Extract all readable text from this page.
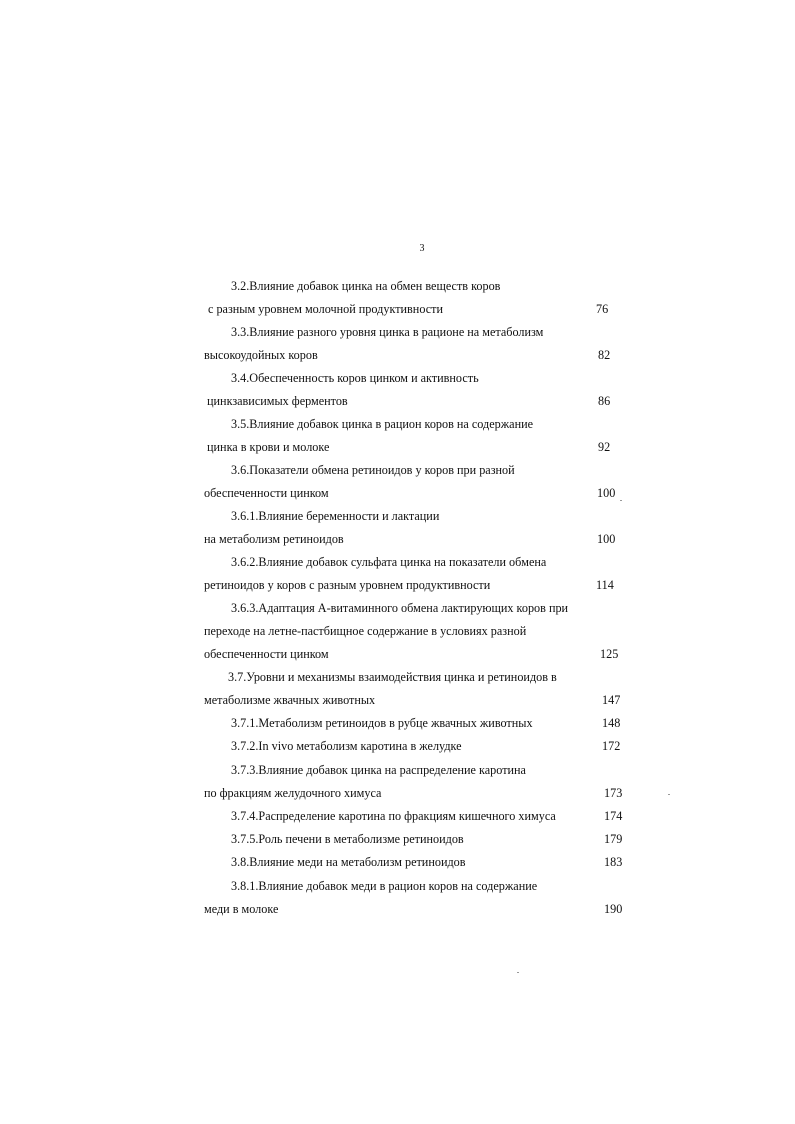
3
3.2.Влияние добавок цинка на обмен веществ коров
с разным уровнем молочной продуктивности	76
3.3.Влияние разного уровня цинка в рационе на метаболизм
высокоудойных коров	82
3.4.Обеспеченность коров цинком и активность
цинкзависимых ферментов	86
3.5.Влияние добавок цинка в рацион коров на содержание
цинка в крови и молоке	92
3.6.Показатели обмена ретиноидов у коров при разной
обеспеченности цинком	100
3.6.1.Влияние беременности и лактации
на метаболизм ретиноидов	100
3.6.2.Влияние добавок сульфата цинка на показатели обмена
ретиноидов у коров с разным уровнем продуктивности	114
3.6.3.Адаптация А-витаминного обмена лактирующих коров при
переходе на летне-пастбищное содержание в условиях разной
обеспеченности цинком	125
3.7.Уровни и механизмы взаимодействия цинка и ретиноидов в
метаболизме жвачных животных	147
3.7.1.Метаболизм ретиноидов в рубце жвачных животных	148
3.7.2.In vivo метаболизм каротина в желудке	172
3.7.3.Влияние добавок цинка на распределение каротина
по фракциям желудочного химуса	173
3.7.4.Распределение каротина по фракциям кишечного химуса	174
3.7.5.Роль печени в метаболизме ретиноидов	179
3.8.Влияние меди на метаболизм ретиноидов	183
3.8.1.Влияние добавок меди в рацион коров на содержание
меди в молоке	190
